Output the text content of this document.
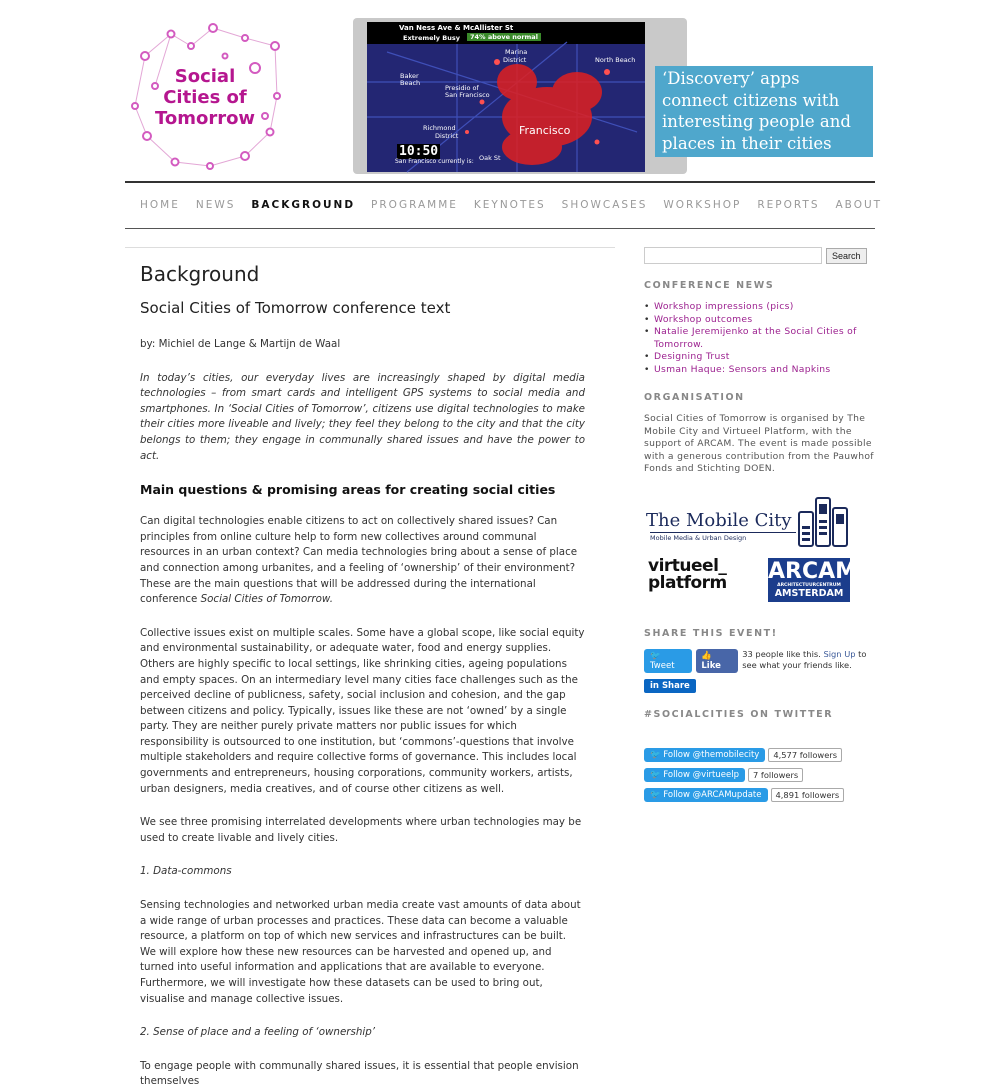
Social
Cities of
Tomorrow
Marina
District	North Beach
Baker
Beach
Presidio of
San Francisco
Richmond
District	Francisco
Oak St
Van Ness Ave & McAllister St
Extremely Busy	74% above normal
10:50
San Francisco currently is:
‘Discovery’ apps connect citizens with interesting people and places in their cities
HOME NEWS BACKGROUND PROGRAMME KEYNOTES SHOWCASES WORKSHOP REPORTS ABOUT
Background
Social Cities of Tomorrow conference text

by: Michiel de Lange & Martijn de Waal

In today’s cities, our everyday lives are increasingly shaped by digital media technologies – from smart cards and intelligent GPS systems to social media and smartphones. In ‘Social Cities of Tomorrow’, citizens use digital technologies to make their cities more liveable and lively; they feel they belong to the city and that the city belongs to them; they engage in communally shared issues and have the power to act.

Main questions & promising areas for creating social cities

Can digital technologies enable citizens to act on collectively shared issues? Can principles from online culture help to form new collectives around communal resources in an urban context? Can media technologies bring about a sense of place and connection among urbanites, and a feeling of ‘ownership’ of their environment? These are the main questions that will be addressed during the international conference Social Cities of Tomorrow.

Collective issues exist on multiple scales. Some have a global scope, like social equity and environmental sustainability, or adequate water, food and energy supplies. Others are highly specific to local settings, like shrinking cities, ageing populations and empty spaces. On an intermediary level many cities face challenges such as the perceived decline of publicness, safety, social inclusion and cohesion, and the gap between citizens and policy. Typically, issues like these are not ‘owned’ by a single party. They are neither purely private matters nor public issues for which responsibility is outsourced to one institution, but ‘commons’-questions that involve multiple stakeholders and require collective forms of governance. This includes local governments and entrepreneurs, housing corporations, community workers, artists, urban designers, media creatives, and of course other citizens as well.

We see three promising interrelated developments where urban technologies may be used to create livable and lively cities.

1. Data-commons

Sensing technologies and networked urban media create vast amounts of data about a wide range of urban processes and practices. These data can become a valuable resource, a platform on top of which new services and infrastructures can be built. We will explore how these new resources can be harvested and opened up, and turned into useful information and applications that are available to everyone. Furthermore, we will investigate how these datasets can be used to bring out, visualise and manage collective issues.

2. Sense of place and a feeling of ‘ownership’

To engage people with communally shared issues, it is essential that people envision themselves

Search
CONFERENCE NEWS
• Workshop impressions (pics)
• Workshop outcomes
• Natalie Jeremijenko at the Social Cities of Tomorrow.
• Designing Trust
• Usman Haque: Sensors and Napkins
ORGANISATION
Social Cities of Tomorrow is organised by The Mobile City and Virtueel Platform, with the support of ARCAM. The event is made possible with a generous contribution from the Pauwhof Fonds and Stichting DOEN.
The Mobile City
Mobile Media & Urban Design
virtueel_
platform ARCAM
ARCHITECTUURCENTRUM
AMSTERDAM
SHARE THIS EVENT!
🐦 Tweet
👍 Like
33 people like this. Sign Up to see what your friends like.
in Share
#SOCIALCITIES ON TWITTER
🐦 Follow @themobilecity	4,577 followers
🐦 Follow @virtueelp	7 followers
🐦 Follow @ARCAMupdate	4,891 followers
